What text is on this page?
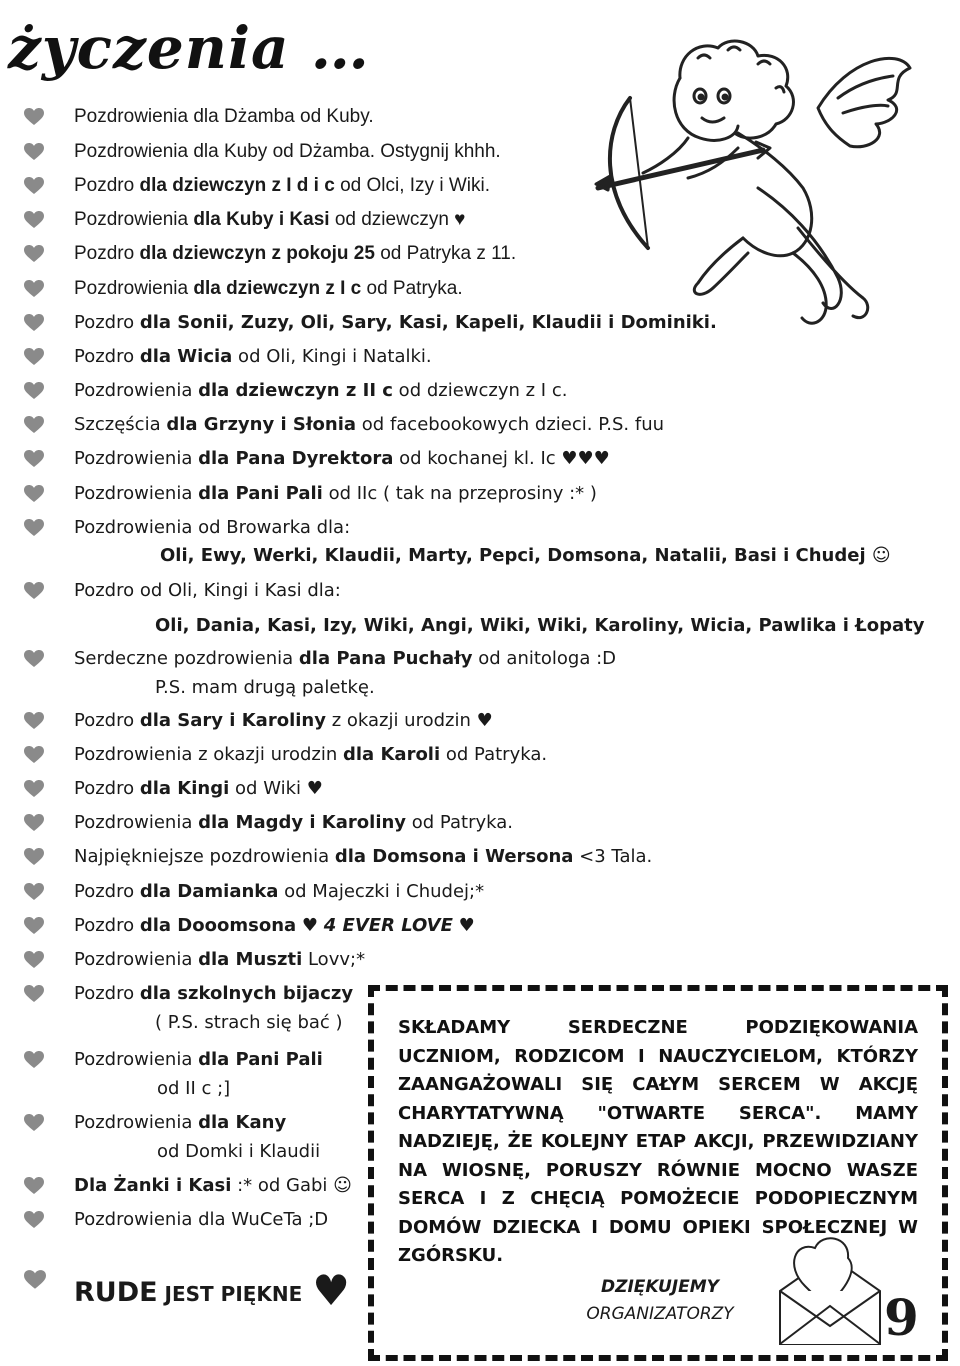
życzenia …
Pozdrowienia dla Dżamba od Kuby.
Pozdrowienia dla Kuby od Dżamba. Ostygnij khhh.
Pozdro dla dziewczyn z I d i c od Olci, Izy i Wiki.
Pozdrowienia dla Kuby i Kasi od dziewczyn ♥
Pozdro dla dziewczyn z pokoju 25 od Patryka z 11.
Pozdrowienia dla dziewczyn z I c od Patryka.
Pozdro dla Sonii, Zuzy, Oli, Sary, Kasi, Kapeli, Klaudii i Dominiki.
Pozdro dla Wicia od Oli, Kingi i Natalki.
Pozdrowienia dla dziewczyn z II c od dziewczyn z I c.
Szczęścia dla Grzyny i Słonia od facebookowych dzieci. P.S. fuu
Pozdrowienia dla Pana Dyrektora od kochanej kl. Ic ♥♥♥
Pozdrowienia dla Pani Pali od IIc ( tak na przeprosiny :* )
Pozdrowienia od Browarka dla:
Pozdro od Oli, Kingi i Kasi dla:
Serdeczne pozdrowienia dla Pana Puchały od anitologa :D
Pozdro dla Sary i Karoliny z okazji urodzin ♥
Pozdrowienia z okazji urodzin dla Karoli od Patryka.
Pozdro dla Kingi od Wiki ♥
Pozdrowienia dla Magdy i Karoliny od Patryka.
Najpiękniejsze pozdrowienia dla Domsona i Wersona <3 Tala.
Pozdro dla Damianka od Majeczki i Chudej;*
Pozdro dla Dooomsona ♥ 4 EVER LOVE ♥
Pozdrowienia dla Muszti Lovv;*
Pozdro dla szkolnych bijaczy
Pozdrowienia dla Pani Pali
Pozdrowienia dla Kany
Dla Żanki i Kasi :* od Gabi ☺
Pozdrowienia dla WuCeTa ;D
Oli, Ewy, Werki, Klaudii, Marty, Pepci, Domsona, Natalii, Basi i Chudej ☺
Oli, Dania, Kasi, Izy, Wiki, Angi, Wiki, Wiki, Karoliny, Wicia, Pawlika i Łopaty
P.S. mam drugą paletkę.
( P.S. strach się bać )
od II c ;]
od Domki i Klaudii
RUDE JEST PIĘKNE ♥
SKŁADAMY SERDECZNE PODZIĘKOWANIA UCZNIOM, RODZICOM I NAUCZYCIELOM, KTÓRZY ZAANGAŻOWALI SIĘ CAŁYM SERCEM W AKCJĘ CHARYTATYWNĄ "OTWARTE SERCA". MAMY NADZIEJĘ, ŻE KOLEJNY ETAP AKCJI, PRZEWIDZIANY NA WIOSNĘ, PORUSZY RÓWNIE MOCNO WASZE SERCA I Z CHĘCIĄ POMOŻECIE PODOPIECZNYM DOMÓW DZIECKA I DOMU OPIEKI SPOŁECZNEJ W ZGÓRSKU.
DZIĘKUJEMY
ORGANIZATORZY	9
